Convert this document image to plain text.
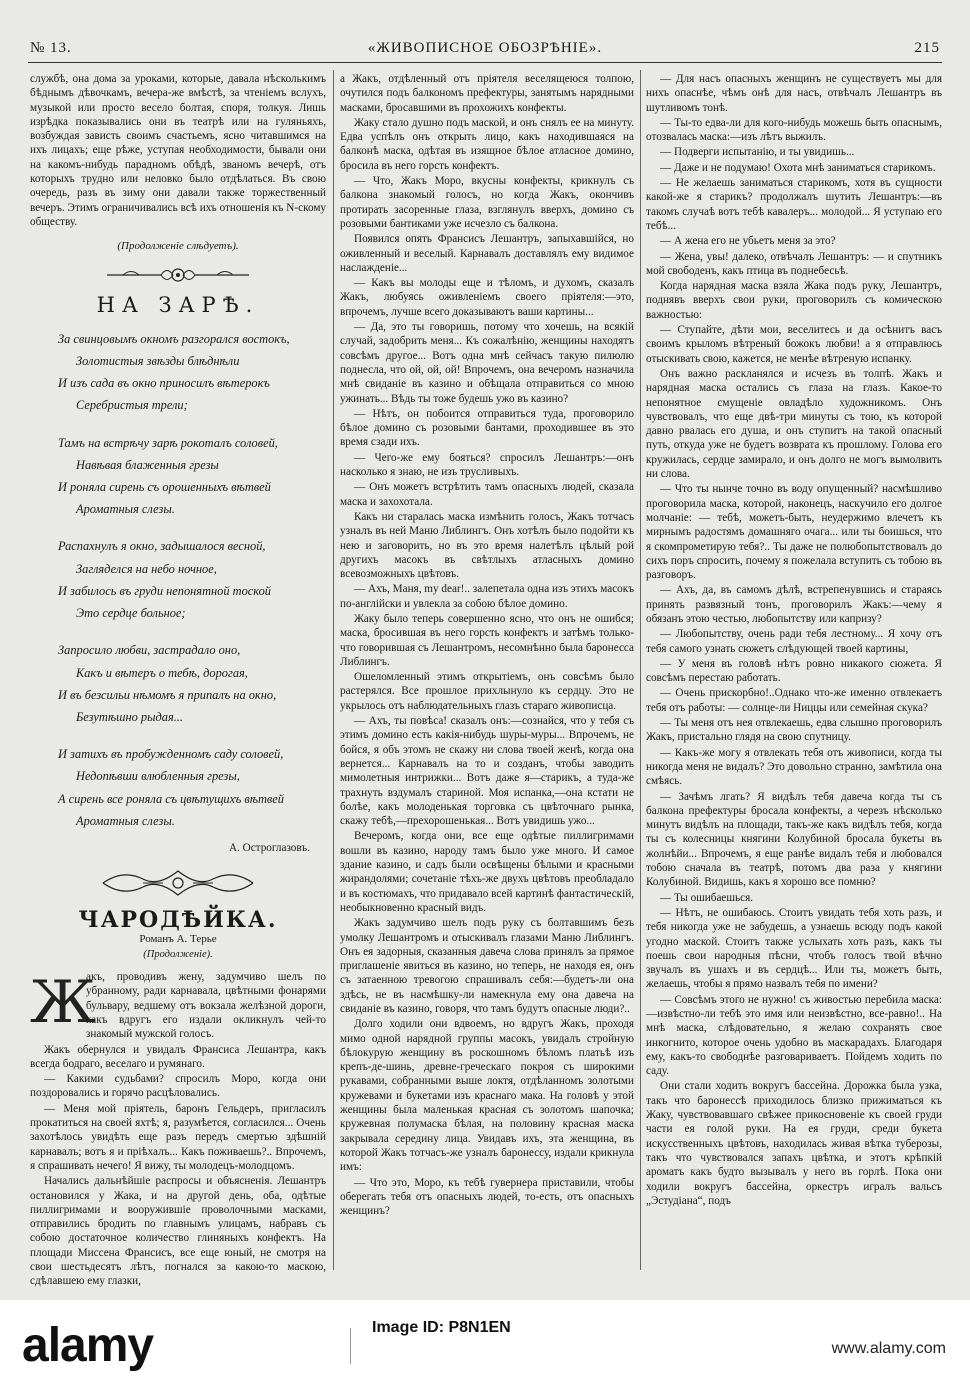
№ 13.	«ЖИВОПИСНОЕ ОБОЗРѢНІЕ».	215

службѣ, она дома за уроками, которые, давала нѣсколькимъ бѣднымъ дѣвочкамъ, вечера-же вмѣстѣ, за чтеніемъ вслухъ, музыкой или просто весело болтая, споря, толкуя. Лишь изрѣдка показывались они въ театрѣ или на гуляньяхъ, возбуждая зависть своимъ счастьемъ, ясно читавшимся на ихъ лицахъ; еще рѣже, уступая необходимости, бывали они на какомъ-нибудь парадномъ обѣдѣ, званомъ вечерѣ, отъ которыхъ трудно или неловко было отдѣлаться. Въ свою очередь, разъ въ зиму они давали также торжественный вечеръ. Этимъ ограничивались всѣ ихъ отношенія къ N-скому обществу.

(Продолженіе слѣдуетъ).
НА ЗАРѢ.
За свинцовымъ окномъ разгорался востокъ,
Золотистыя звѣзды блѣднѣли
И изъ сада въ окно приносилъ вѣтерокъ
Серебристыя трели;
Тамъ на встрѣчу зарѣ рокоталъ соловей,
Навѣвая блаженныя грезы
И роняла сирень съ орошенныхъ вѣтвей
Ароматныя слезы.
Распахнулъ я окно, задышалося весной,
Загляделся на небо ночное,
И забилось въ груди непонятной тоской
Это сердце больное;
Запросило любви, застрадало оно,
Какъ и вѣтеръ о тебѣ, дорогая,
И въ безсильи нѣмомъ я припалъ на окно,
Безутѣшно рыдая...
И затихъ въ пробужденномъ саду соловей,
Недопѣвши влюбленныя грезы,
А сирень все роняла съ цвѣтущихъ вѣтвей
Ароматныя слезы.
А. Остроглазовъ.
ЧАРОДѢЙКА.
Романъ А. Терье
(Продолженіе).

Ж
акъ, проводивъ жену, задумчиво шелъ по убранному, ради карнавала, цвѣтными фонарями бульвару, ведшему отъ вокзала желѣзной дороги, какъ вдругъ его издали окликнулъ чей-то знакомый мужской голосъ.

Жакъ обернулся и увидалъ Франсиса Лешантра, какъ всегда бодраго, веселаго и румянаго.

— Какими судьбами? спросилъ Моро, когда они поздоровались и горячо расцѣловались.

— Меня мой пріятель, баронъ Гельдеръ, пригласилъ прокатиться на своей яхтѣ; я, разумѣется, согласился... Очень захотѣлось увидѣть еще разъ передъ смертью здѣшній карнавалъ; вотъ я и пріѣхалъ... Какъ поживаешь?.. Впрочемъ, я спрашивать нечего! Я вижу, ты молодецъ-молодцомъ.

Начались дальнѣйшіе распросы и объясненія. Лешантръ остановился у Жака, и на другой день, оба, одѣтые пиллигримами и вооружившіе проволочными масками, отправились бродить по главнымъ улицамъ, набравъ съ собою достаточное количество глиняныхъ конфектъ. На площади Миссена Франсисъ, все еще юный, не смотря на свои шестьдесятъ лѣтъ, погнался за какою-то маскою, сдѣлавшею ему глазки,

а Жакъ, отдѣленный отъ пріятеля веселящеюся толпою, очутился подъ балкономъ префектуры, занятымъ нарядными масками, бросавшими въ прохожихъ конфекты.

Жаку стало душно подъ маской, и онъ снялъ ее на минуту. Едва успѣлъ онъ открыть лицо, какъ находившаяся на балконѣ маска, одѣтая въ изящное бѣлое атласное домино, бросила въ него горсть конфектъ.

— Что, Жакъ Моро, вкусны конфекты, крикнулъ съ балкона знакомый голосъ, но когда Жакъ, окончивъ протирать засоренные глаза, взглянулъ вверхъ, домино съ розовыми бантиками уже исчезло съ балкона.

Появился опять Франсисъ Лешантръ, запыхавшійся, но оживленный и веселый. Карнавалъ доставлялъ ему видимое наслажденіе...

— Какъ вы молоды еще и тѣломъ, и духомъ, сказалъ Жакъ, любуясь оживленіемъ своего пріятеля:—это, впрочемъ, лучше всего доказываютъ ваши картины...

— Да, это ты говоришь, потому что хочешь, на всякій случай, задобрить меня... Къ сожалѣнію, женщины находятъ совсѣмъ другое... Вотъ одна мнѣ сейчасъ такую пилюлю поднесла, что ой, ой, ой! Впрочемъ, она вечеромъ назначила мнѣ свиданіе въ казино и обѣщала отправиться со мною ужинать... Вѣдь ты тоже будешь ужо въ казино?

— Нѣтъ, он побоится отправиться туда, проговорило бѣлое домино съ розовыми бантами, проходившее въ это время сзади ихъ.

— Чего-же ему бояться? спросилъ Лешантръ:—онъ насколько я знаю, не изъ трусливыхъ.

— Онъ можетъ встрѣтить тамъ опасныхъ людей, сказала маска и захохотала.

Какъ ни старалась маска измѣнить голосъ, Жакъ тотчасъ узналъ въ ней Маню Либлингъ. Онъ хотѣлъ было подойти къ нею и заговорить, но въ это время налетѣлъ цѣлый рой другихъ масокъ въ свѣтлыхъ атласныхъ домино всевозможныхъ цвѣтовъ.

— Ахъ, Маня, my dear!.. залепетала одна изъ этихъ масокъ по-англійски и увлекла за собою бѣлое домино.

Жаку было теперь совершенно ясно, что онъ не ошибся; маска, бросившая въ него горсть конфектъ и затѣмъ только-что говорившая съ Лешантромъ, несомнѣнно была баронесса Либлингъ.

Ошеломленный этимъ открытіемъ, онъ совсѣмъ было растерялся. Все прошлое прихлынуло къ сердцу. Это не укрылось отъ наблюдательныхъ глазъ стараго живописца.

— Ахъ, ты повѣса! сказалъ онъ:—сознайся, что у тебя съ этимъ домино есть какія-нибудь шуры-муры... Впрочемъ, не бойся, я объ этомъ не скажу ни слова твоей женѣ, когда она вернется... Карнавалъ на то и созданъ, чтобы заводить мимолетныя интрижки... Вотъ даже я—старикъ, а туда-же трахнуть вздумалъ стариной. Моя испанка,—она кстати не болѣе, какъ молоденькая торговка съ цвѣточнаго рынка, скажу тебѣ,—прехорошенькая... Вотъ увидишь ужо...

Вечеромъ, когда они, все еще одѣтые пиллигримами вошли въ казино, народу тамъ было уже много. И самое здание казино, и садъ были освѣщены бѣлыми и красными жирандолями; сочетаніе тѣхъ-же двухъ цвѣтовъ преобладало и въ костюмахъ, что придавало всей картинѣ фантастическій, необыкновенно красный видъ.

Жакъ задумчиво шелъ подъ руку съ болтавшимъ безъ умолку Лешантромъ и отыскивалъ глазами Маню Либлингъ. Онъ ея задорныя, сказанныя давеча слова принялъ за прямое приглашеніе явиться въ казино, но теперь, не находя ея, онъ съ затаенною тревогою спрашивалъ себя:—будетъ-ли она здѣсь, не въ насмѣшку-ли намекнула ему она давеча на свиданіе въ казино, говоря, что тамъ будутъ опасные люди?..

Долго ходили они вдвоемъ, но вдругъ Жакъ, проходя мимо одной нарядной группы масокъ, увидалъ стройную бѣлокурую женщину въ роскошномъ бѣломъ платьѣ изъ крепъ-де-шинь, древне-греческаго покроя съ широкими рукавами, собранными выше локтя, отдѣланномъ золотыми кружевами и букетами изъ краснаго мака. На головѣ у этой женщины была маленькая красная съ золотомъ шапочка; кружевная полумаска бѣлая, на половину красная маска закрывала середину лица. Увидавъ ихъ, эта женщина, въ которой Жакъ тотчасъ-же узналъ баронессу, издали крикнула имъ:

— Что это, Моро, къ тебѣ гувернера приставили, чтобы оберегать тебя отъ опасныхъ людей, то-есть, отъ опасныхъ женщинъ?

— Для насъ опасныхъ женщинъ не существуетъ мы для нихъ опаснѣе, чѣмъ онѣ для насъ, отвѣчалъ Лешантръ въ шутливомъ тонѣ.

— Ты-то едва-ли для кого-нибудь можешь быть опаснымъ, отозвалась маска:—изъ лѣтъ выжилъ.

— Подверги испытанію, и ты увидишь...

— Даже и не подумаю! Охота мнѣ заниматься старикомъ.

— Не желаешь заниматься старикомъ, хотя въ сущности какой-же я старикъ? продолжалъ шутить Лешантръ:—въ такомъ случаѣ вотъ тебѣ кавалеръ... молодой... Я уступаю его тебѣ...

— А жена его не убьетъ меня за это?

— Жена, увы! далеко, отвѣчалъ Лешантръ: — и спутникъ мой свободенъ, какъ птица въ поднебесьѣ.

Когда нарядная маска взяла Жака подъ руку, Лешантръ, поднявъ вверхъ свои руки, проговорилъ съ комическою важностью:

— Ступайте, дѣти мои, веселитесь и да осѣнитъ васъ своимъ крыломъ вѣтреный божокъ любви! а я отправлюсь отыскивать свою, кажется, не менѣе вѣтреную испанку.

Онъ важно раскланялся и исчезъ въ толпѣ. Жакъ и нарядная маска остались съ глаза на глазъ. Какое-то непонятное смущеніе овладѣло художникомъ. Онъ чувствовалъ, что еще двѣ-три минуты съ тою, къ которой давно рвалась его душа, и онъ ступитъ на такой опасный путь, откуда уже не будетъ возврата къ прошлому. Голова его кружилась, сердце замирало, и онъ долго не могъ вымолвить ни слова.

— Что ты нынче точно въ воду опущенный? насмѣшливо проговорила маска, которой, наконецъ, наскучило его долгое молчаніе: — тебѣ, можетъ-быть, неудержимо влечетъ къ мирнымъ радостямъ домашняго очага... или ты боишься, что я скомпрометирую тебя?.. Ты даже не полюбопытствовалъ до сихъ поръ спросить, почему я пожелала вступить съ тобою въ разговоръ.

— Ахъ, да, въ самомъ дѣлѣ, встрепенувшись и стараясь принять развязный тонъ, проговорилъ Жакъ:—чему я обязанъ этою честью, любопытству или капризу?

— Любопытству, очень ради тебя лестному... Я хочу отъ тебя самого узнать сюжетъ слѣдующей твоей картины,

— У меня въ головѣ нѣтъ ровно никакого сюжета. Я совсѣмъ перестаю работать.

— Очень прискорбно!..Однако что-же именно отвлекаетъ тебя отъ работы: — солнце-ли Ниццы или семейная скука?

— Ты меня отъ нея отвлекаешь, едва слышно проговорилъ Жакъ, пристально глядя на свою спутницу.

— Какъ-же могу я отвлекать тебя отъ живописи, когда ты никогда меня не видалъ? Это довольно странно, замѣтила она смѣясь.

— Зачѣмъ лгать? Я видѣлъ тебя давеча когда ты съ балкона префектуры бросала конфекты, а черезъ нѣсколько минутъ видѣлъ на площади, такъ-же какъ видѣлъ тебя, когда ты съ колесницы княгини Колубиной бросала букеты въ жолнѣйи... Впрочемъ, я еще ранѣе видалъ тебя и любовался тобою сначала въ театрѣ, потомъ два раза у княгини Колубиной. Видишь, какъ я хорошо все помню?

— Ты ошибаешься.

— Нѣтъ, не ошибаюсь. Стоитъ увидать тебя хоть разъ, и тебя никогда уже не забудешь, а узнаешь всюду подъ какой угодно маской. Стоитъ также услыхать хоть разъ, какъ ты поешь свои народныя пѣсни, чтобъ голосъ твой вѣчно звучалъ въ ушахъ и въ сердцѣ... Или ты, можетъ быть, желаешь, чтобы я прямо назвалъ тебя по имени?

— Совсѣмъ этого не нужно! съ живостью перебила маска:—извѣстно-ли тебѣ это имя или неизвѣстно, все-равно!.. На мнѣ маска, слѣдовательно, я желаю сохранять свое инкогнито, которое очень удобно въ маскарадахъ. Благодаря ему, какъ-то свободнѣе разговариваетъ. Пойдемъ ходить по саду.

Они стали ходить вокругъ бассейна. Дорожка была узка, такъ что баронессѣ приходилось близко прижиматься къ Жаку, чувствовавшаго свѣжее прикосновеніе къ своей груди части ея голой руки. На ея груди, среди букета искусственныхъ цвѣтовъ, находилась живая вѣтка туберозы, такъ что чувствовался запахъ цвѣтка, и этотъ крѣпкій ароматъ какъ будто вызывалъ у него въ горлѣ. Пока они ходили вокругъ бассейна, оркестръ игралъ вальсъ „Эстудіана“, подъ

alamy	Image ID: P8N1EN
www.alamy.com
